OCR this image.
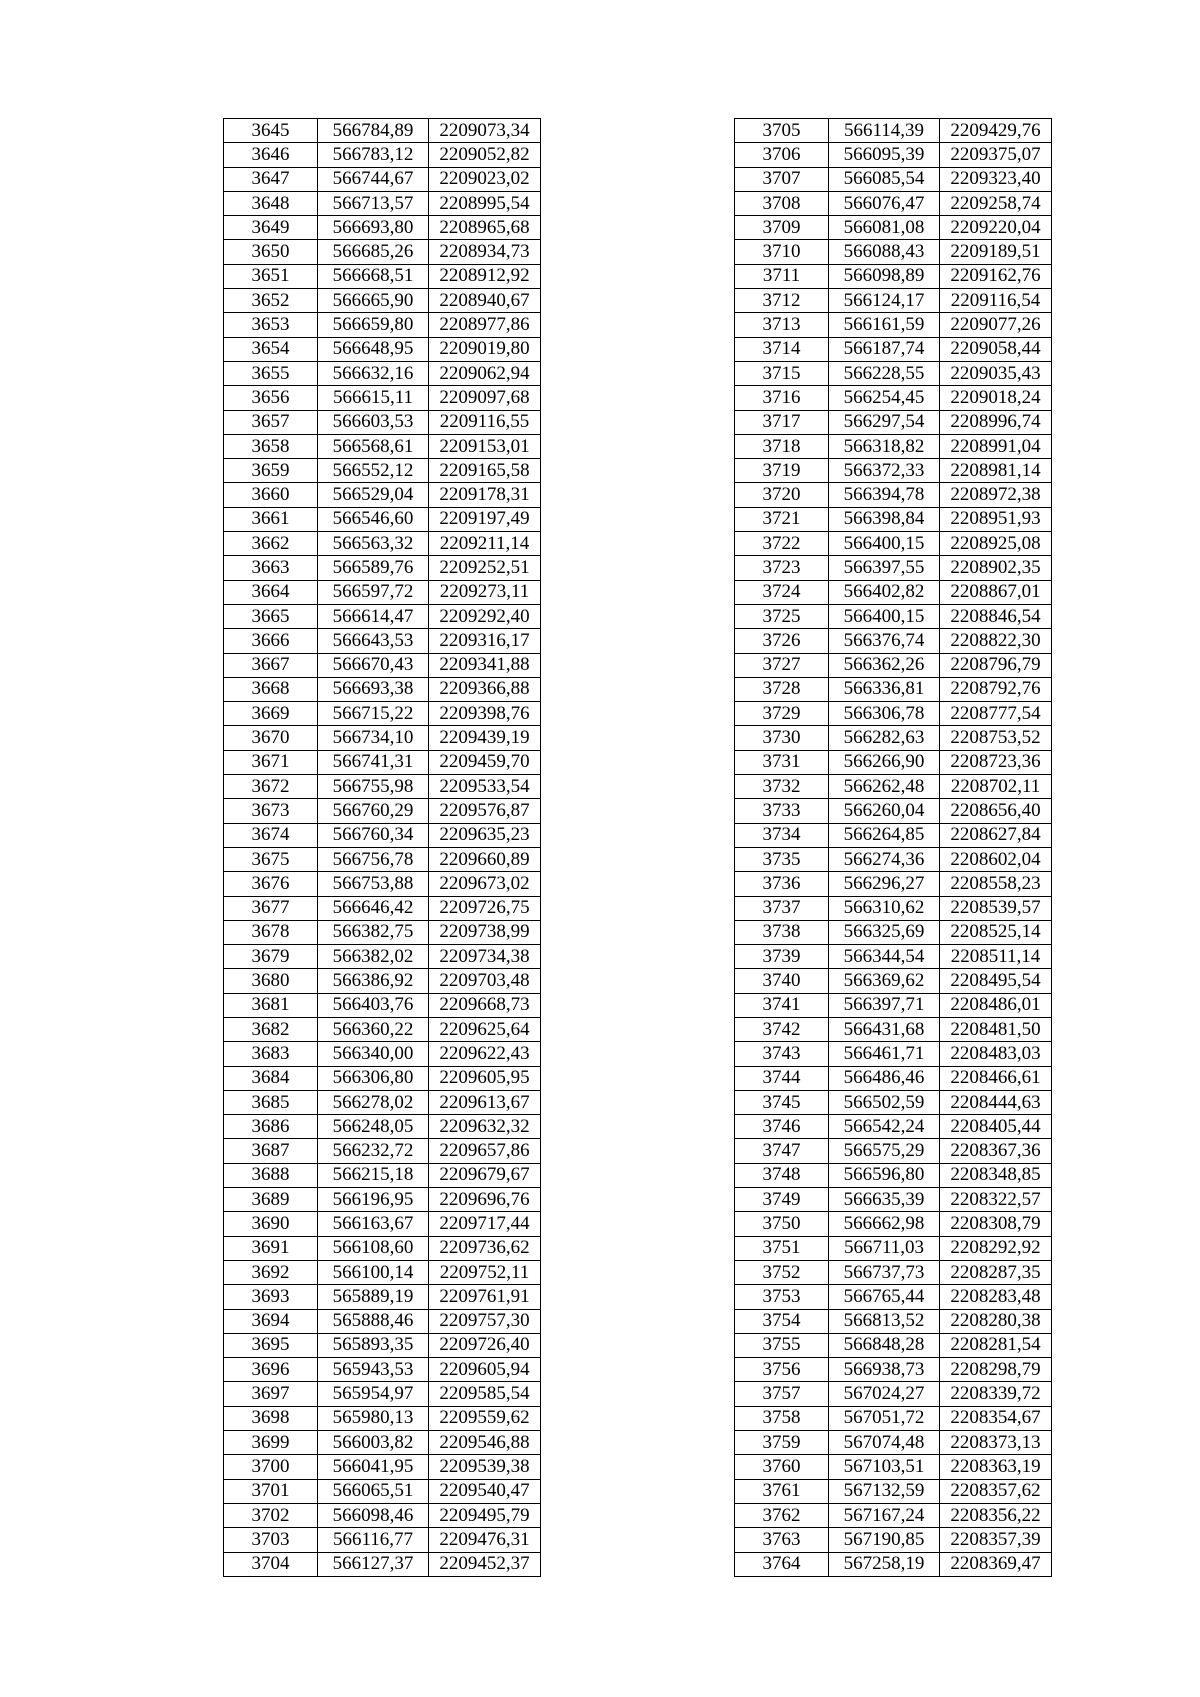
3645	566784,89	2209073,34
3646	566783,12	2209052,82
3647	566744,67	2209023,02
3648	566713,57	2208995,54
3649	566693,80	2208965,68
3650	566685,26	2208934,73
3651	566668,51	2208912,92
3652	566665,90	2208940,67
3653	566659,80	2208977,86
3654	566648,95	2209019,80
3655	566632,16	2209062,94
3656	566615,11	2209097,68
3657	566603,53	2209116,55
3658	566568,61	2209153,01
3659	566552,12	2209165,58
3660	566529,04	2209178,31
3661	566546,60	2209197,49
3662	566563,32	2209211,14
3663	566589,76	2209252,51
3664	566597,72	2209273,11
3665	566614,47	2209292,40
3666	566643,53	2209316,17
3667	566670,43	2209341,88
3668	566693,38	2209366,88
3669	566715,22	2209398,76
3670	566734,10	2209439,19
3671	566741,31	2209459,70
3672	566755,98	2209533,54
3673	566760,29	2209576,87
3674	566760,34	2209635,23
3675	566756,78	2209660,89
3676	566753,88	2209673,02
3677	566646,42	2209726,75
3678	566382,75	2209738,99
3679	566382,02	2209734,38
3680	566386,92	2209703,48
3681	566403,76	2209668,73
3682	566360,22	2209625,64
3683	566340,00	2209622,43
3684	566306,80	2209605,95
3685	566278,02	2209613,67
3686	566248,05	2209632,32
3687	566232,72	2209657,86
3688	566215,18	2209679,67
3689	566196,95	2209696,76
3690	566163,67	2209717,44
3691	566108,60	2209736,62
3692	566100,14	2209752,11
3693	565889,19	2209761,91
3694	565888,46	2209757,30
3695	565893,35	2209726,40
3696	565943,53	2209605,94
3697	565954,97	2209585,54
3698	565980,13	2209559,62
3699	566003,82	2209546,88
3700	566041,95	2209539,38
3701	566065,51	2209540,47
3702	566098,46	2209495,79
3703	566116,77	2209476,31
3704	566127,37	2209452,37
3705	566114,39	2209429,76
3706	566095,39	2209375,07
3707	566085,54	2209323,40
3708	566076,47	2209258,74
3709	566081,08	2209220,04
3710	566088,43	2209189,51
3711	566098,89	2209162,76
3712	566124,17	2209116,54
3713	566161,59	2209077,26
3714	566187,74	2209058,44
3715	566228,55	2209035,43
3716	566254,45	2209018,24
3717	566297,54	2208996,74
3718	566318,82	2208991,04
3719	566372,33	2208981,14
3720	566394,78	2208972,38
3721	566398,84	2208951,93
3722	566400,15	2208925,08
3723	566397,55	2208902,35
3724	566402,82	2208867,01
3725	566400,15	2208846,54
3726	566376,74	2208822,30
3727	566362,26	2208796,79
3728	566336,81	2208792,76
3729	566306,78	2208777,54
3730	566282,63	2208753,52
3731	566266,90	2208723,36
3732	566262,48	2208702,11
3733	566260,04	2208656,40
3734	566264,85	2208627,84
3735	566274,36	2208602,04
3736	566296,27	2208558,23
3737	566310,62	2208539,57
3738	566325,69	2208525,14
3739	566344,54	2208511,14
3740	566369,62	2208495,54
3741	566397,71	2208486,01
3742	566431,68	2208481,50
3743	566461,71	2208483,03
3744	566486,46	2208466,61
3745	566502,59	2208444,63
3746	566542,24	2208405,44
3747	566575,29	2208367,36
3748	566596,80	2208348,85
3749	566635,39	2208322,57
3750	566662,98	2208308,79
3751	566711,03	2208292,92
3752	566737,73	2208287,35
3753	566765,44	2208283,48
3754	566813,52	2208280,38
3755	566848,28	2208281,54
3756	566938,73	2208298,79
3757	567024,27	2208339,72
3758	567051,72	2208354,67
3759	567074,48	2208373,13
3760	567103,51	2208363,19
3761	567132,59	2208357,62
3762	567167,24	2208356,22
3763	567190,85	2208357,39
3764	567258,19	2208369,47
